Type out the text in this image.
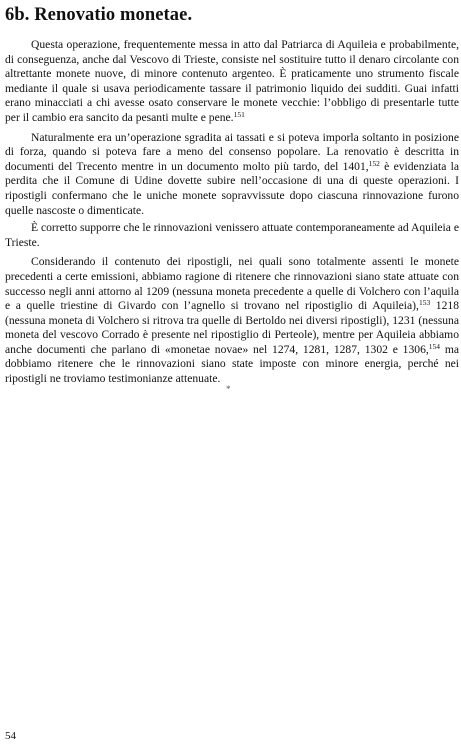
6b. Renovatio monetae.

Questa operazione, frequentemente messa in atto dal Patriarca di Aquileia e probabilmente, di conseguenza, anche dal Vescovo di Trieste, consiste nel sostituire tutto il denaro circolante con altrettante monete nuove, di minore contenuto argenteo. È praticamente uno strumento fiscale mediante il quale si usava periodicamente tassare il patrimonio liquido dei sudditi. Guai infatti erano minacciati a chi avesse osato conservare le monete vecchie: l’obbligo di presentarle tutte per il cambio era sancito da pesanti multe e pene.$^{151}$

Naturalmente era un’operazione sgradita ai tassati e si poteva imporla soltanto in posizione di forza, quando si poteva fare a meno del consenso popolare. La renovatio è descritta in documenti del Trecento mentre in un documento molto più tardo, del 1401,$^{152}$ è evidenziata la perdita che il Comune di Udine dovette subire nell’occasione di una di queste operazioni. I ripostigli confermano che le uniche monete sopravvissute dopo ciascuna rinnovazione furono quelle nascoste o dimenticate.

È corretto supporre che le rinnovazioni venissero attuate contemporaneamente ad Aquileia e Trieste.

Considerando il contenuto dei ripostigli, nei quali sono totalmente assenti le monete precedenti a certe emissioni, abbiamo ragione di ritenere che rinnovazioni siano state attuate con successo negli anni attorno al 1209 (nessuna moneta precedente a quelle di Volchero con l’aquila e a quelle triestine di Givardo con l’agnello si trovano nel ripostiglio di Aquileia),$^{153}$ 1218 (nessuna moneta di Volchero si ritrova tra quelle di Bertoldo nei diversi ripostigli), 1231 (nessuna moneta del vescovo Corrado è presente nel ripostiglio di Perteole), mentre per Aquileia abbiamo anche documenti che parlano di «monetae novae» nel 1274, 1281, 1287, 1302 e 1306,$^{154}$ ma dobbiamo ritenere che le rinnovazioni siano state imposte con minore energia, perché nei ripostigli ne troviamo testimonianze attenuate.

*
54
